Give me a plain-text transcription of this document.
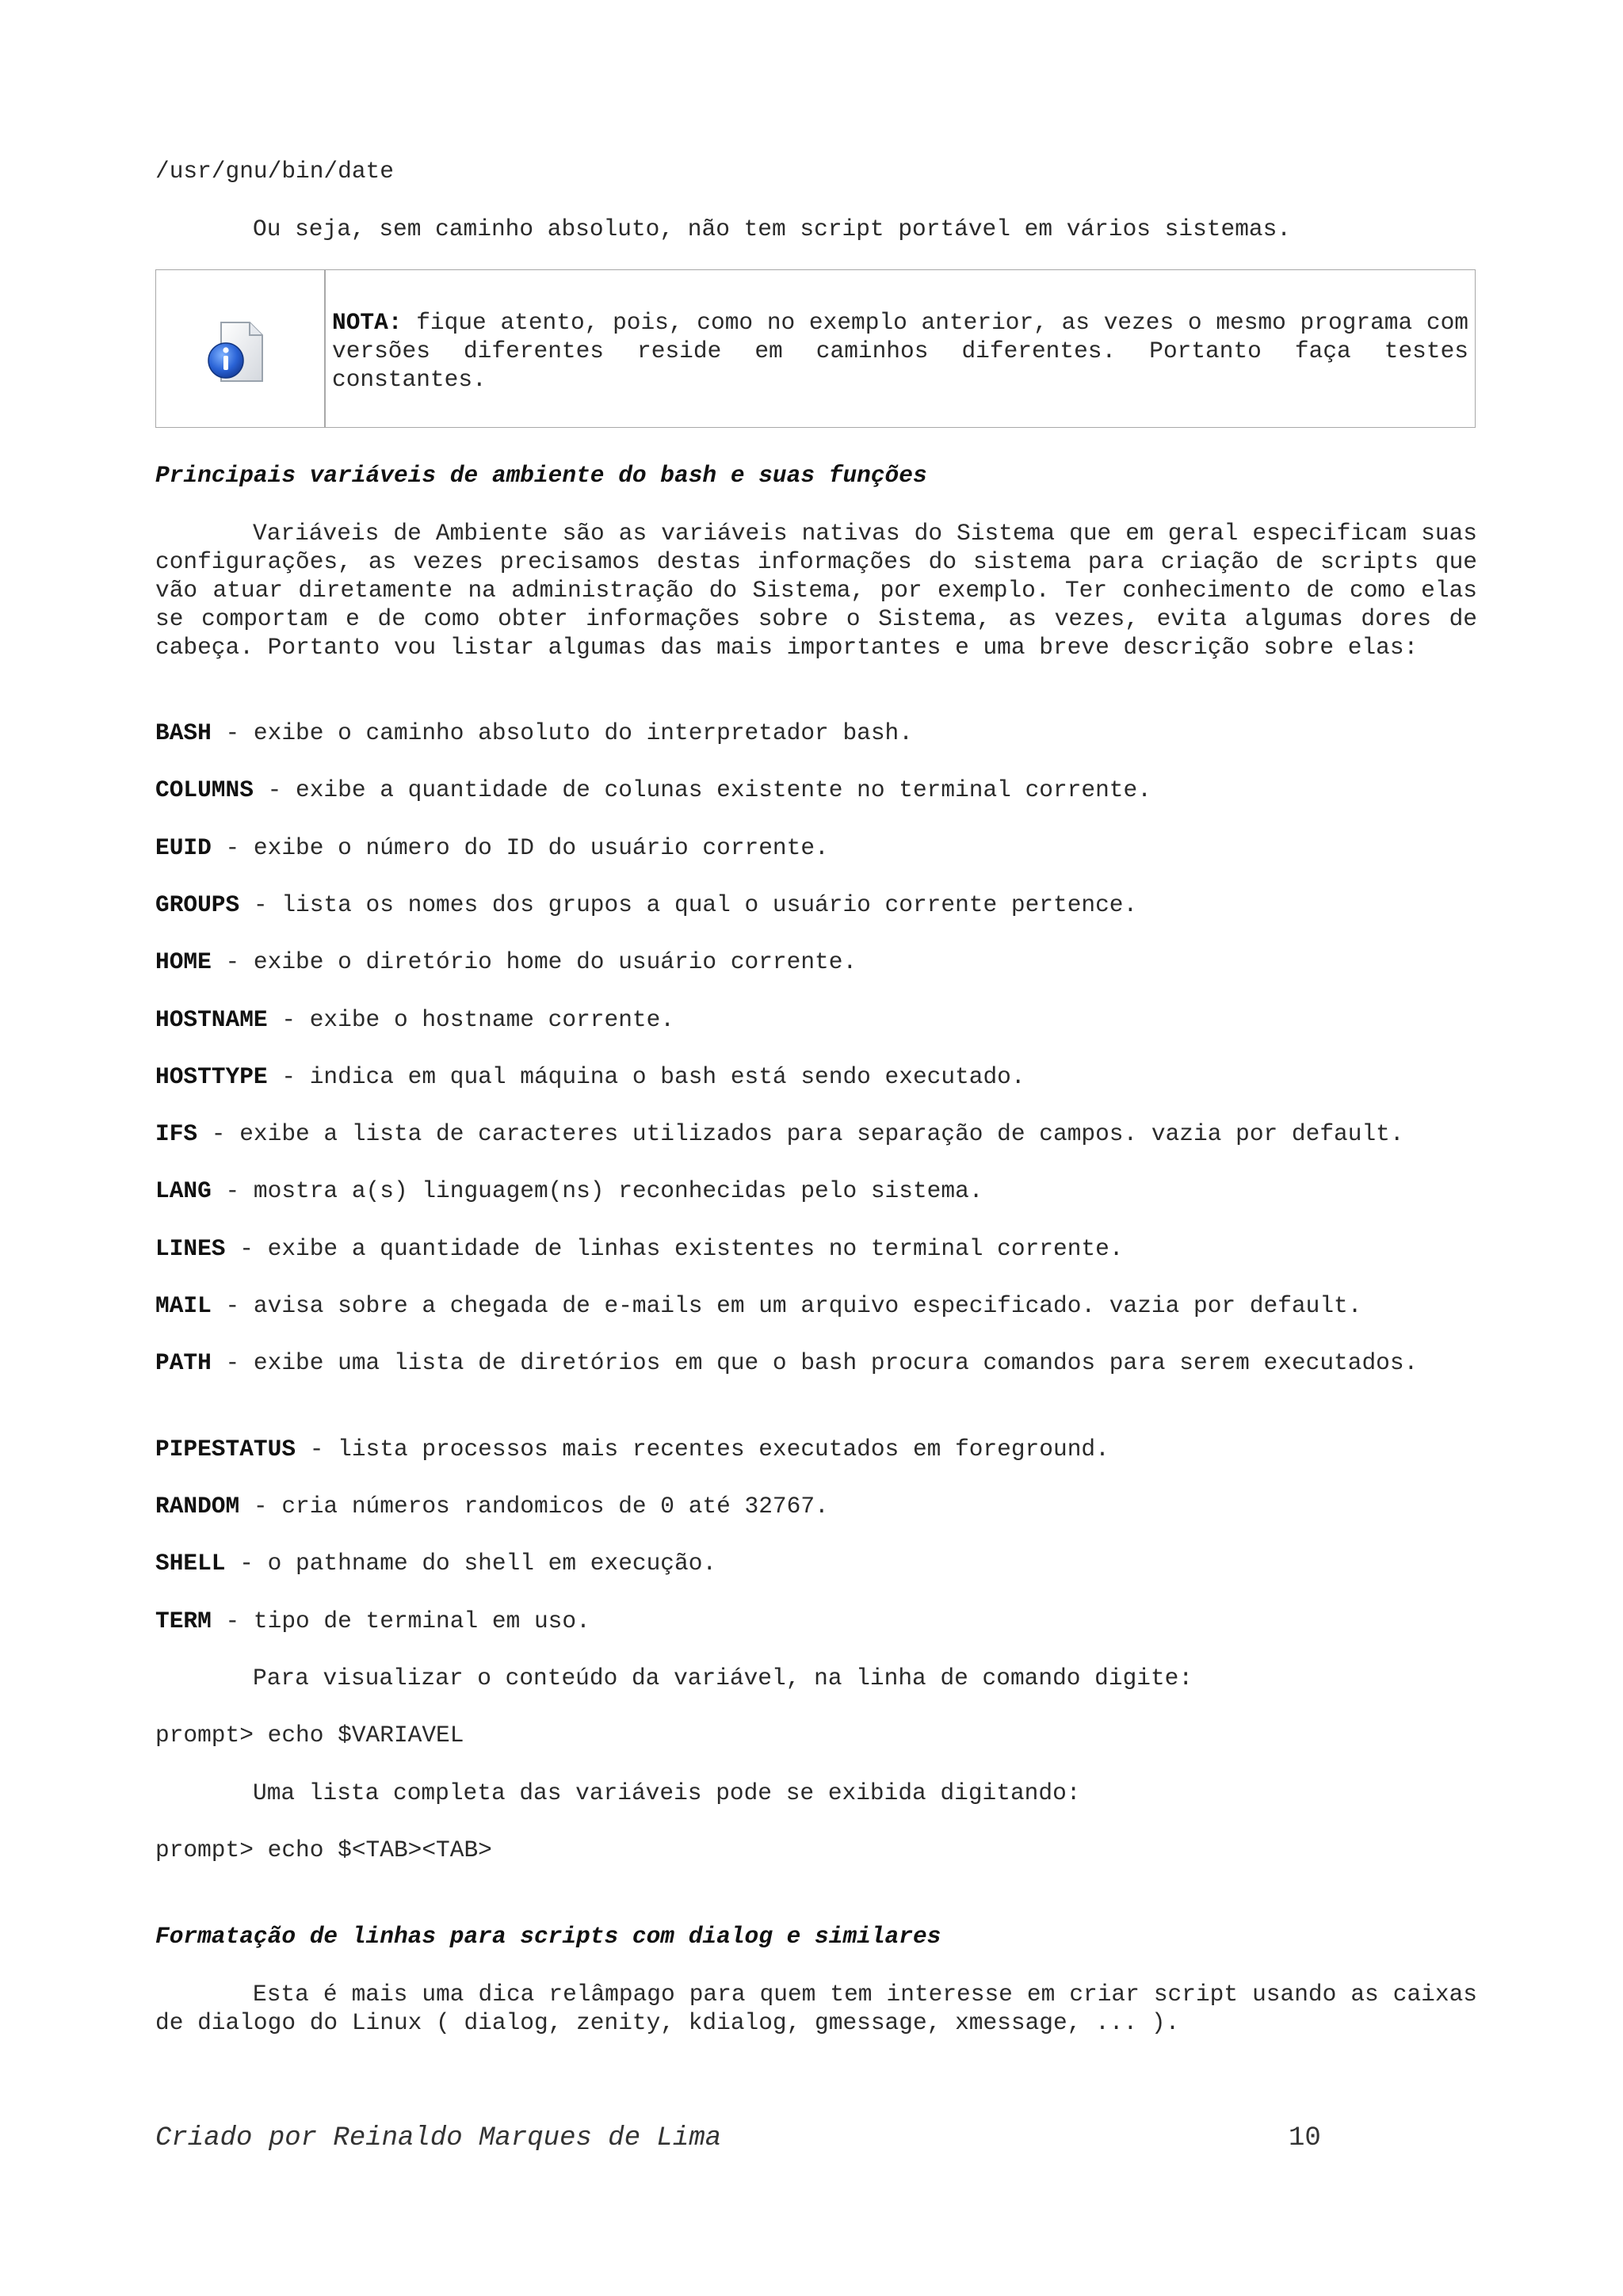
/usr/gnu/bin/date

Ou seja, sem caminho absoluto, não tem script portável em vários sistemas.

NOTA: fique atento, pois, como no exemplo anterior, as vezes o mesmo programa com versões diferentes reside em caminhos diferentes. Portanto faça testes constantes.

Principais variáveis de ambiente do bash e suas funções

Variáveis de Ambiente são as variáveis nativas do Sistema que em geral especificam suas configurações, as vezes precisamos destas informações do sistema para criação de scripts que vão atuar diretamente na administração do Sistema, por exemplo. Ter conhecimento de como elas se comportam e de como obter informações sobre o Sistema, as vezes, evita algumas dores de cabeça. Portanto vou listar algumas das mais importantes e uma breve descrição sobre elas:

BASH - exibe o caminho absoluto do interpretador bash.

COLUMNS - exibe a quantidade de colunas existente no terminal corrente.

EUID - exibe o número do ID do usuário corrente.

GROUPS - lista os nomes dos grupos a qual o usuário corrente pertence.

HOME - exibe o diretório home do usuário corrente.

HOSTNAME - exibe o hostname corrente.

HOSTTYPE - indica em qual máquina o bash está sendo executado.

IFS - exibe a lista de caracteres utilizados para separação de campos. vazia por default.

LANG - mostra a(s) linguagem(ns) reconhecidas pelo sistema.

LINES - exibe a quantidade de linhas existentes no terminal corrente.

MAIL - avisa sobre a chegada de e-mails em um arquivo especificado. vazia por default.

PATH - exibe uma lista de diretórios em que o bash procura comandos para serem executados.

PIPESTATUS - lista processos mais recentes executados em foreground.

RANDOM - cria números randomicos de 0 até 32767.

SHELL - o pathname do shell em execução.

TERM - tipo de terminal em uso.

Para visualizar o conteúdo da variável, na linha de comando digite:

prompt> echo $VARIAVEL

Uma lista completa das variáveis pode se exibida digitando:

prompt> echo $<TAB><TAB>

Formatação de linhas para scripts com dialog e similares

Esta é mais uma dica relâmpago para quem tem interesse em criar script usando as caixas de dialogo do Linux ( dialog, zenity, kdialog, gmessage, xmessage, ... ).

Criado por Reinaldo Marques de Lima	10
